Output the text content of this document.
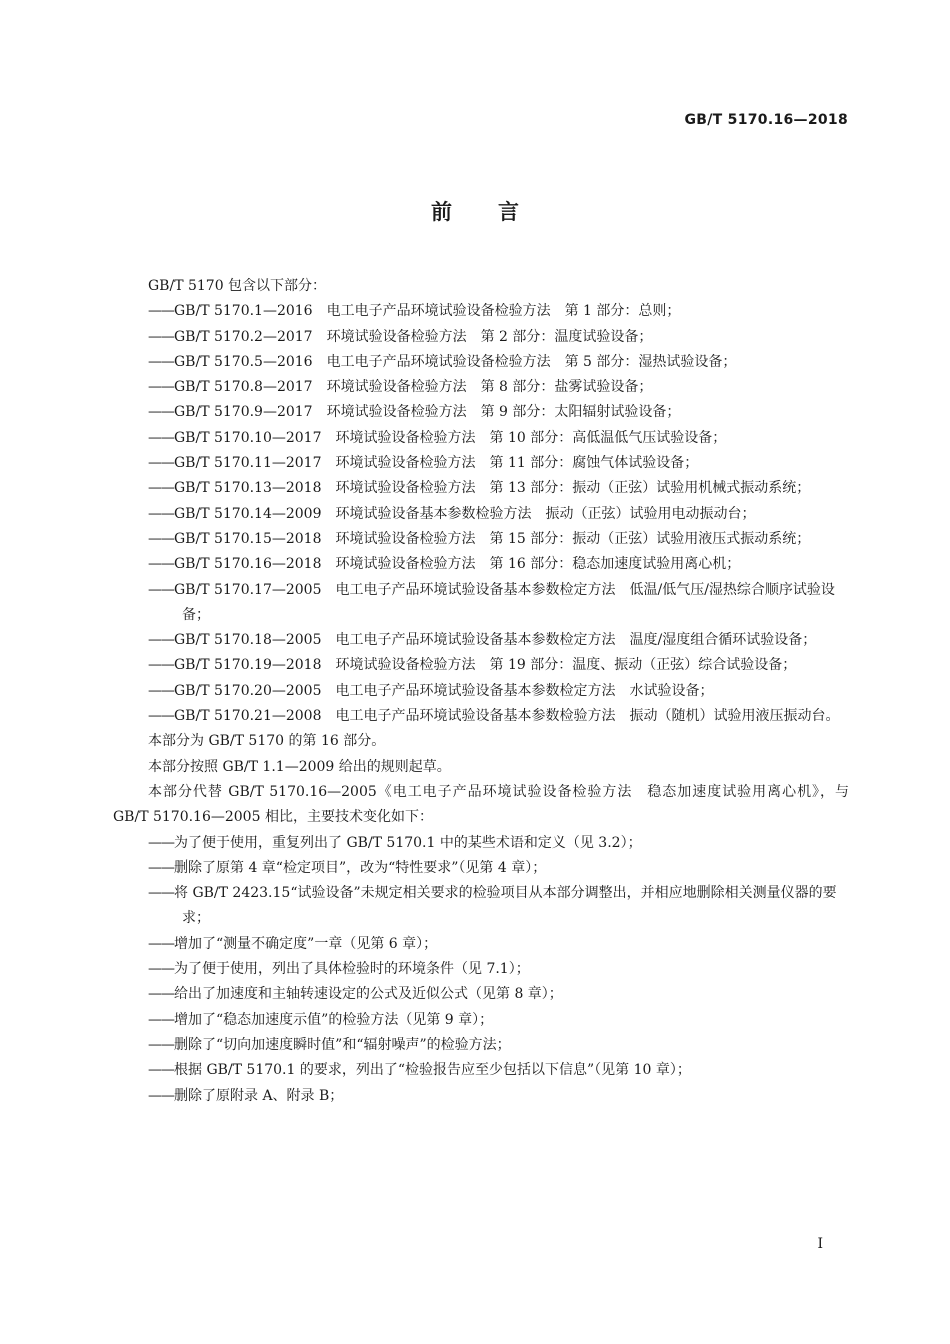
GB/T 5170.16—2018
前言

GB/T 5170 包含以下部分：

——GB/T 5170.1—2016　电工电子产品环境试验设备检验方法　第 1 部分：总则；

——GB/T 5170.2—2017　环境试验设备检验方法　第 2 部分：温度试验设备；

——GB/T 5170.5—2016　电工电子产品环境试验设备检验方法　第 5 部分：湿热试验设备；

——GB/T 5170.8—2017　环境试验设备检验方法　第 8 部分：盐雾试验设备；

——GB/T 5170.9—2017　环境试验设备检验方法　第 9 部分：太阳辐射试验设备；

——GB/T 5170.10—2017　环境试验设备检验方法　第 10 部分：高低温低气压试验设备；

——GB/T 5170.11—2017　环境试验设备检验方法　第 11 部分：腐蚀气体试验设备；

——GB/T 5170.13—2018　环境试验设备检验方法　第 13 部分：振动（正弦）试验用机械式振动系统；

——GB/T 5170.14—2009　环境试验设备基本参数检验方法　振动（正弦）试验用电动振动台；

——GB/T 5170.15—2018　环境试验设备检验方法　第 15 部分：振动（正弦）试验用液压式振动系统；

——GB/T 5170.16—2018　环境试验设备检验方法　第 16 部分：稳态加速度试验用离心机；

——GB/T 5170.17—2005　电工电子产品环境试验设备基本参数检定方法　低温/低气压/湿热综合顺序试验设备；

——GB/T 5170.18—2005　电工电子产品环境试验设备基本参数检定方法　温度/湿度组合循环试验设备；

——GB/T 5170.19—2018　环境试验设备检验方法　第 19 部分：温度、振动（正弦）综合试验设备；

——GB/T 5170.20—2005　电工电子产品环境试验设备基本参数检定方法　水试验设备；

——GB/T 5170.21—2008　电工电子产品环境试验设备基本参数检验方法　振动（随机）试验用液压振动台。

本部分为 GB/T 5170 的第 16 部分。

本部分按照 GB/T 1.1—2009 给出的规则起草。

本部分代替 GB/T 5170.16—2005《电工电子产品环境试验设备检验方法　稳态加速度试验用离心机》，与 GB/T 5170.16—2005 相比，主要技术变化如下：

——为了便于使用，重复列出了 GB/T 5170.1 中的某些术语和定义（见 3.2）；

——删除了原第 4 章“检定项目”，改为“特性要求”（见第 4 章）；

——将 GB/T 2423.15“试验设备”未规定相关要求的检验项目从本部分调整出，并相应地删除相关测量仪器的要求；

——增加了“测量不确定度”一章（见第 6 章）；

——为了便于使用，列出了具体检验时的环境条件（见 7.1）；

——给出了加速度和主轴转速设定的公式及近似公式（见第 8 章）；

——增加了“稳态加速度示值”的检验方法（见第 9 章）；

——删除了“切向加速度瞬时值”和“辐射噪声”的检验方法；

——根据 GB/T 5170.1 的要求，列出了“检验报告应至少包括以下信息”（见第 10 章）；

——删除了原附录 A、附录 B；

I
